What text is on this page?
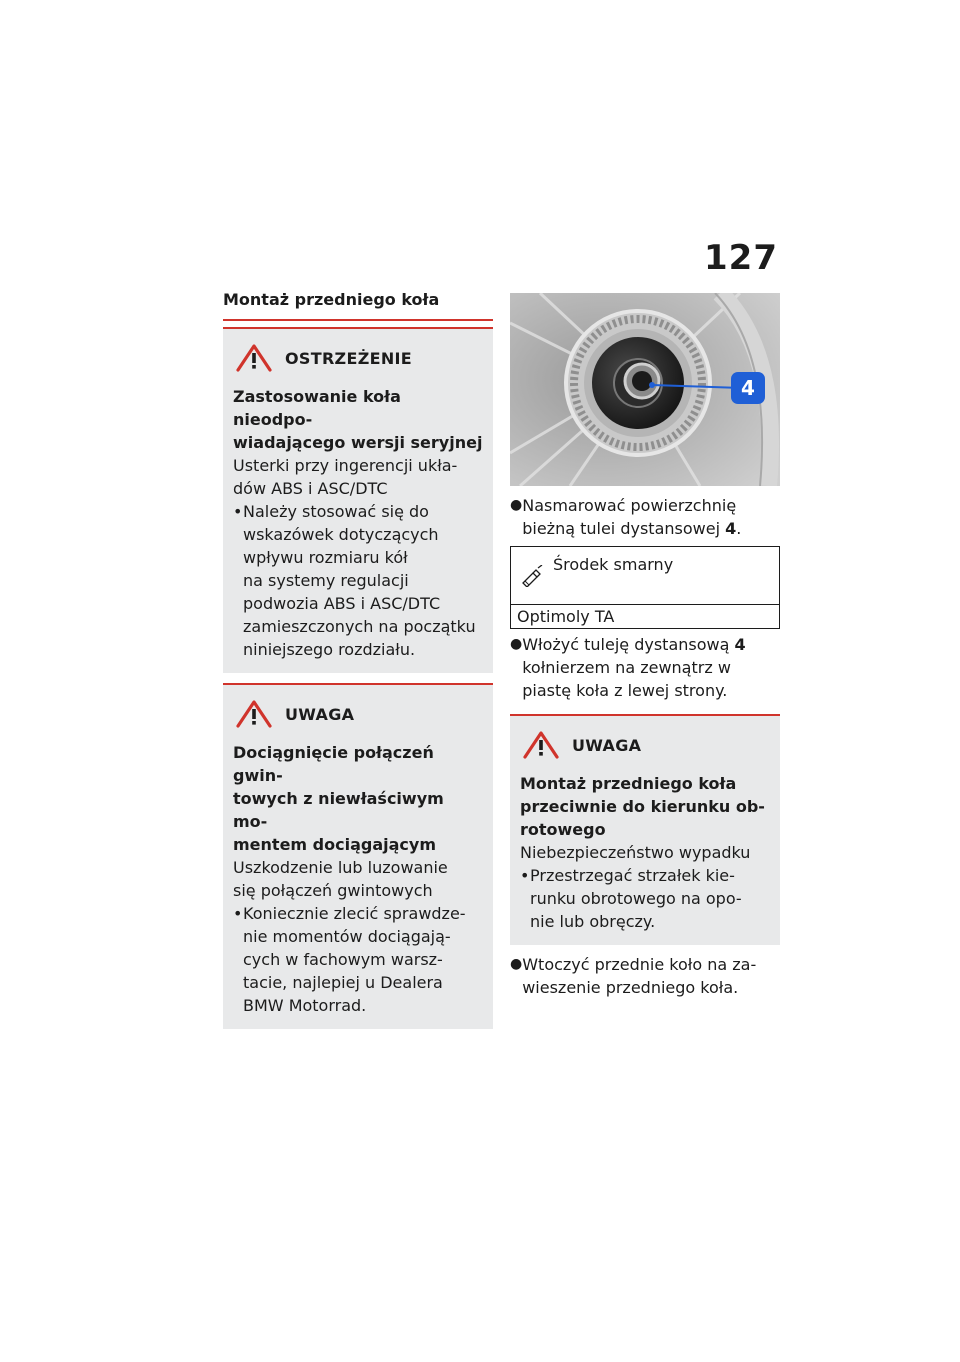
127
Montaż przedniego koła
OSTRZEŻENIE
Zastosowanie koła nieodpo-
wiadającego wersji seryjnej
Usterki przy ingerencji ukła-
dów ABS i ASC/DTC
• Należy stosować się do
wskazówek dotyczących
wpływu rozmiaru kół
na systemy regulacji
podwozia ABS i ASC/DTC
zamieszczonych na początku
niniejszego rozdziału.
UWAGA
Dociągnięcie połączeń gwin-
towych z niewłaściwym mo-
mentem dociągającym
Uszkodzenie lub luzowanie
się połączeń gwintowych
• Koniecznie zlecić sprawdze-
nie momentów dociągają-
cych w fachowym warsz-
tacie, najlepiej u Dealera
BMW Motorrad.
4
● Nasmarować powierzchnię
bieżną tulei dystansowej 4.
Środek smarny
Optimoly TA
● Włożyć tuleję dystansową 4
kołnierzem na zewnątrz w
piastę koła z lewej strony.
UWAGA
Montaż przedniego koła
przeciwnie do kierunku ob-
rotowego
Niebezpieczeństwo wypadku
• Przestrzegać strzałek kie-
runku obrotowego na opo-
nie lub obręczy.
● Wtoczyć przednie koło na za-
wieszenie przedniego koła.
